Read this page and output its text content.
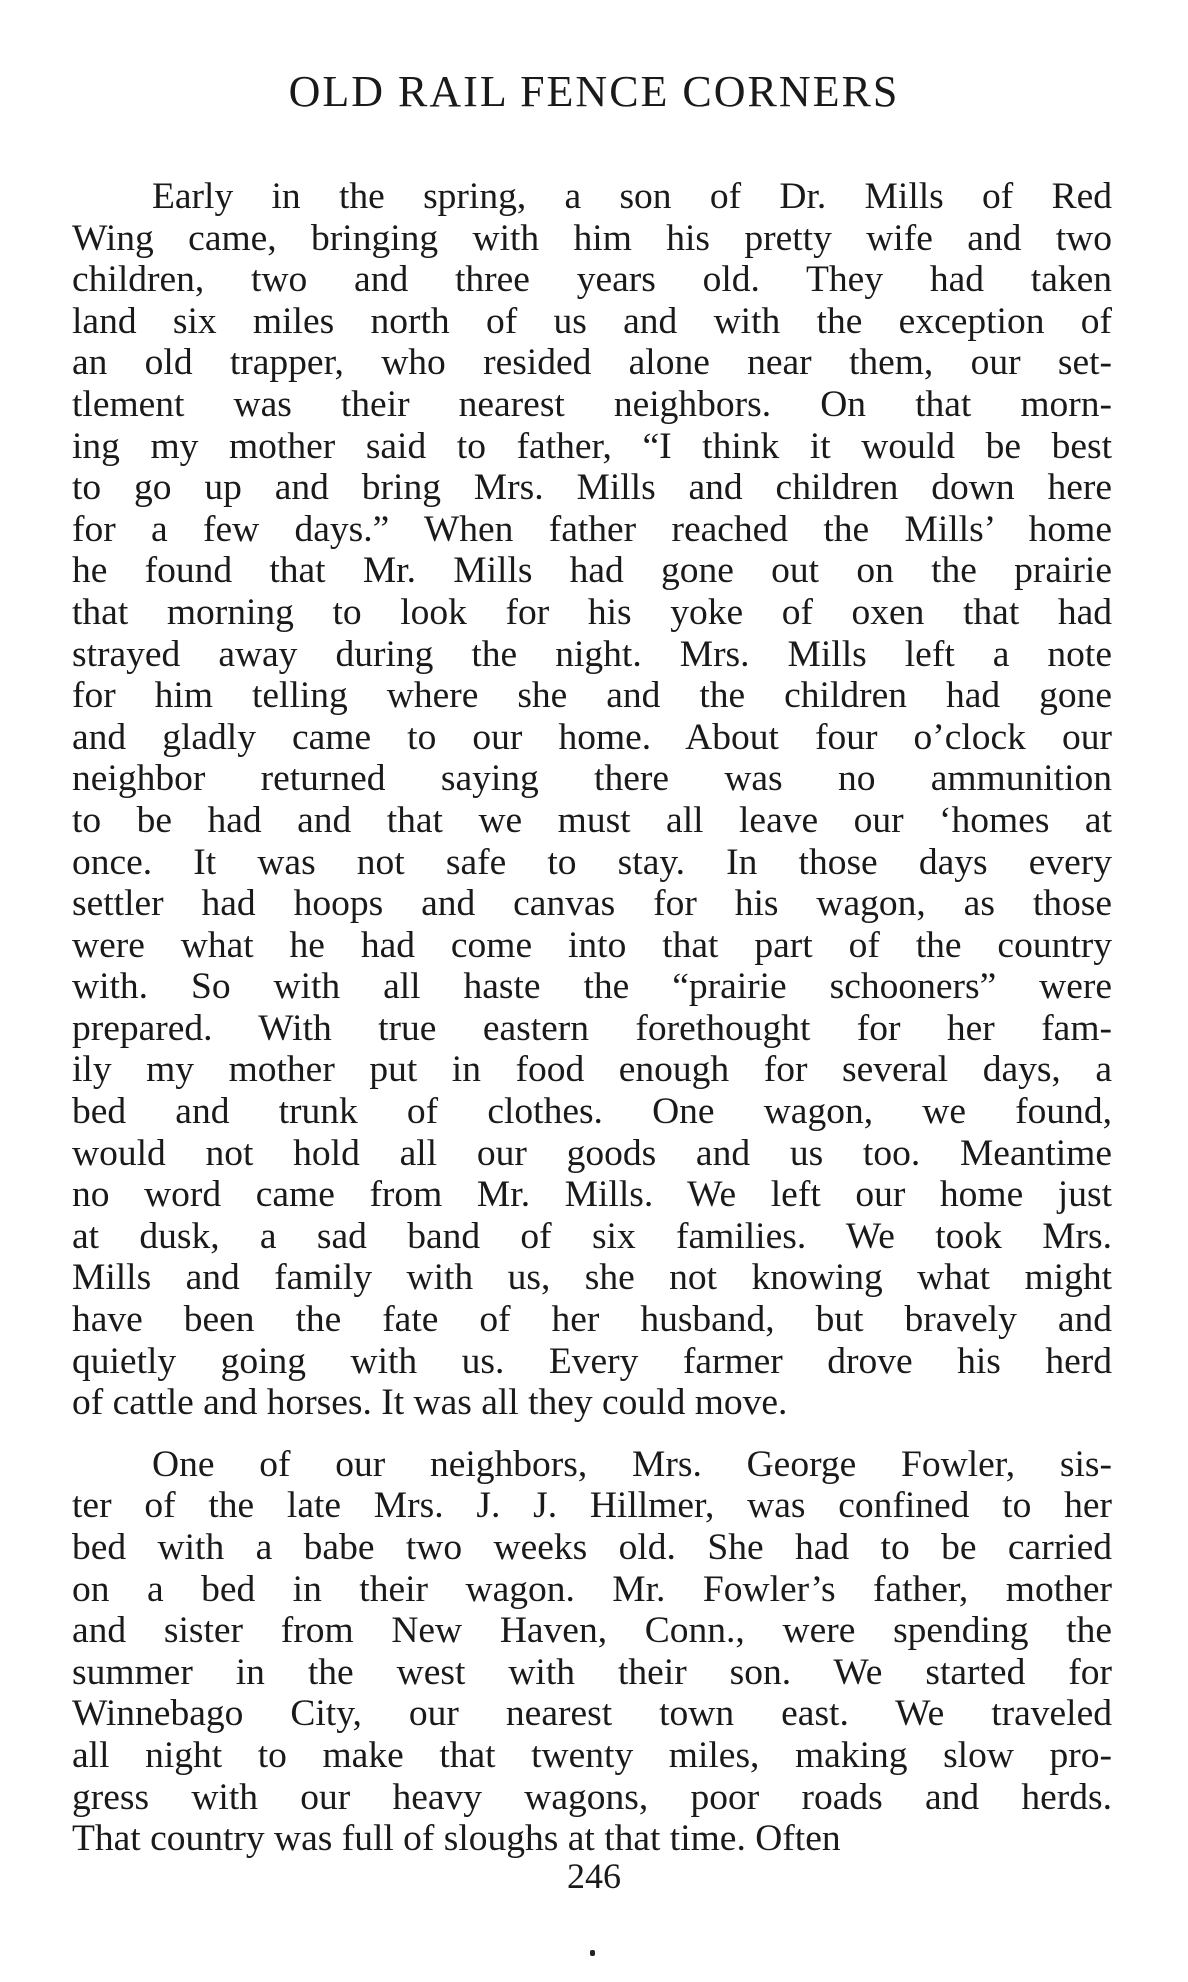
OLD RAIL FENCE CORNERS

Early in the spring, a son of Dr. Mills of Red
Wing came, bringing with him his pretty wife and two
children, two and three years old. They had taken
land six miles north of us and with the exception of
an old trapper, who resided alone near them, our set-
tlement was their nearest neighbors. On that morn-
ing my mother said to father, “I think it would be best
to go up and bring Mrs. Mills and children down here
for a few days.” When father reached the Mills’ home
he found that Mr. Mills had gone out on the prairie
that morning to look for his yoke of oxen that had
strayed away during the night. Mrs. Mills left a note
for him telling where she and the children had gone
and gladly came to our home. About four o’clock our
neighbor returned saying there was no ammunition
to be had and that we must all leave our ‘homes at
once. It was not safe to stay. In those days every
settler had hoops and canvas for his wagon, as those
were what he had come into that part of the country
with. So with all haste the “prairie schooners” were
prepared. With true eastern forethought for her fam-
ily my mother put in food enough for several days, a
bed and trunk of clothes. One wagon, we found,
would not hold all our goods and us too. Meantime
no word came from Mr. Mills. We left our home just
at dusk, a sad band of six families. We took Mrs.
Mills and family with us, she not knowing what might
have been the fate of her husband, but bravely and
quietly going with us. Every farmer drove his herd
of cattle and horses. It was all they could move.

One of our neighbors, Mrs. George Fowler, sis-
ter of the late Mrs. J. J. Hillmer, was confined to her
bed with a babe two weeks old. She had to be carried
on a bed in their wagon. Mr. Fowler’s father, mother
and sister from New Haven, Conn., were spending the
summer in the west with their son. We started for
Winnebago City, our nearest town east. We traveled
all night to make that twenty miles, making slow pro-
gress with our heavy wagons, poor roads and herds.
That country was full of sloughs at that time. Often

246
